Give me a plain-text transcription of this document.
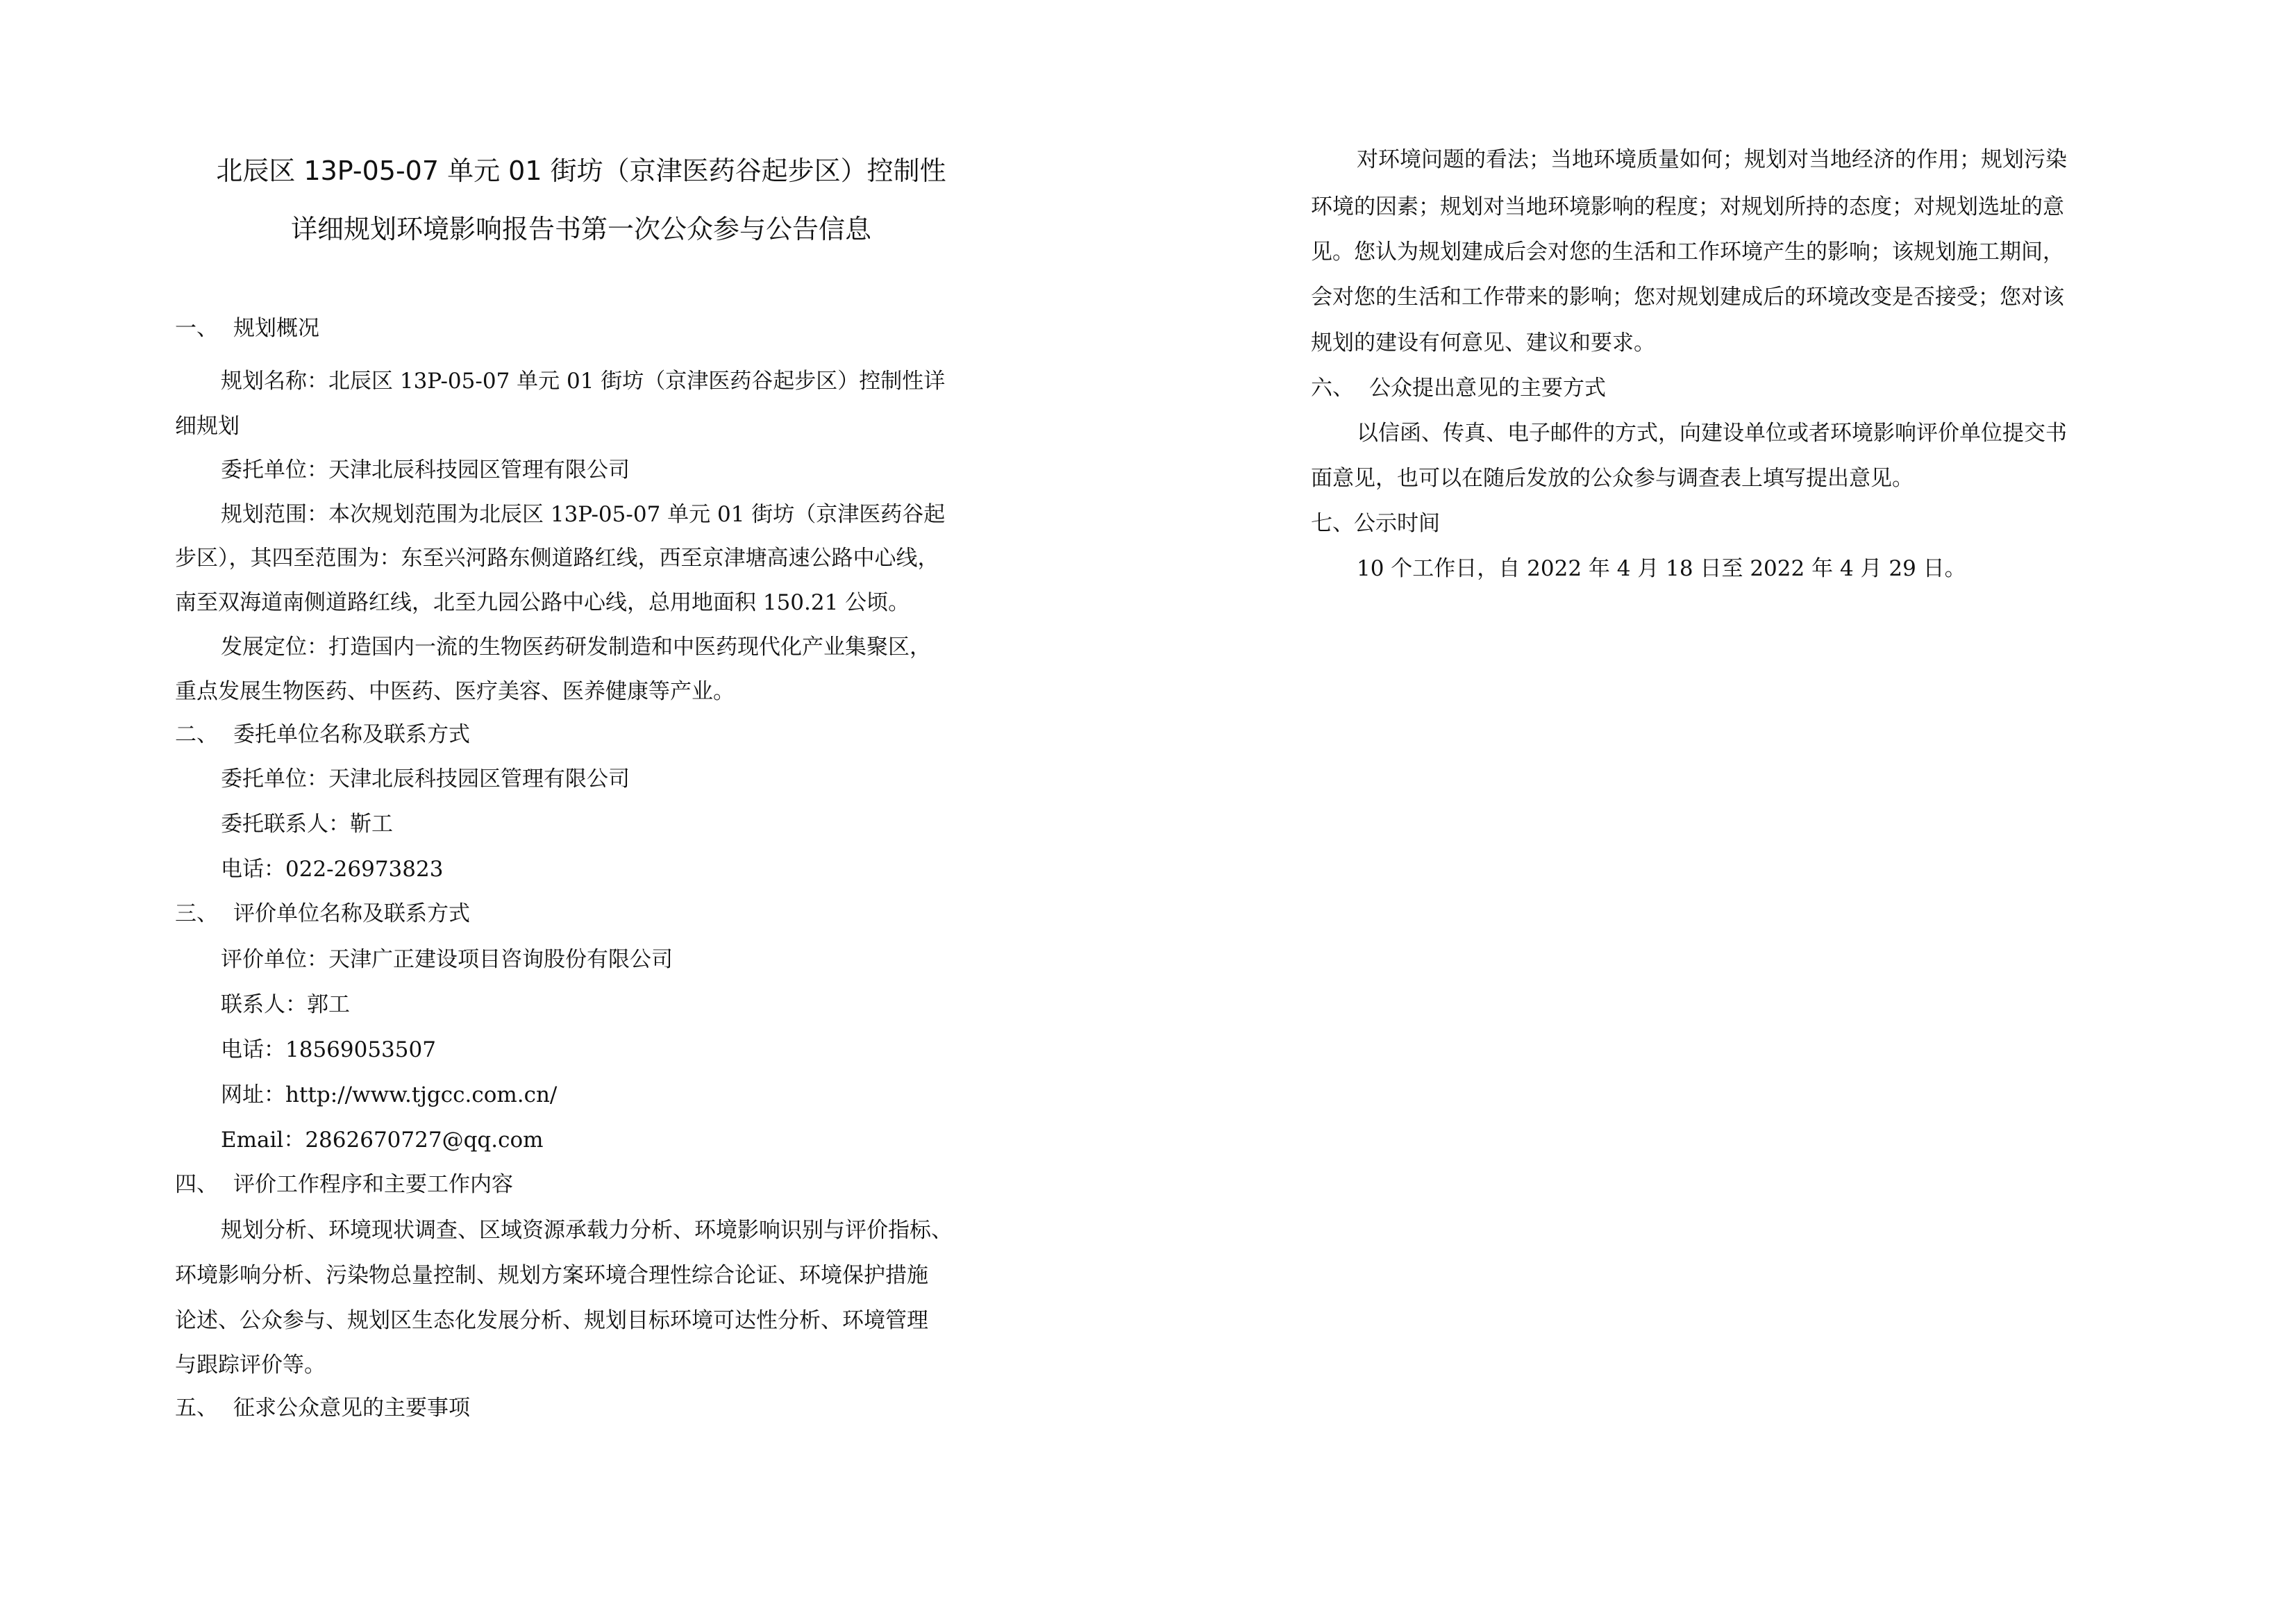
北辰区 13P-05-07 单元 01 街坊（京津医药谷起步区）控制性
详细规划环境影响报告书第一次公众参与公告信息
一、 规划概况
规划名称：北辰区 13P-05-07 单元 01 街坊（京津医药谷起步区）控制性详
细规划
委托单位：天津北辰科技园区管理有限公司
规划范围：本次规划范围为北辰区 13P-05-07 单元 01 街坊（京津医药谷起
步区），其四至范围为：东至兴河路东侧道路红线，西至京津塘高速公路中心线，
南至双海道南侧道路红线，北至九园公路中心线，总用地面积 150.21 公顷。
发展定位：打造国内一流的生物医药研发制造和中医药现代化产业集聚区，
重点发展生物医药、中医药、医疗美容、医养健康等产业。
二、 委托单位名称及联系方式
委托单位：天津北辰科技园区管理有限公司
委托联系人：靳工
电话：022-26973823
三、 评价单位名称及联系方式
评价单位：天津广正建设项目咨询股份有限公司
联系人：郭工
电话：18569053507
网址：http://www.tjgcc.com.cn/
Email：2862670727@qq.com
四、 评价工作程序和主要工作内容
规划分析、环境现状调查、区域资源承载力分析、环境影响识别与评价指标、
环境影响分析、污染物总量控制、规划方案环境合理性综合论证、环境保护措施
论述、公众参与、规划区生态化发展分析、规划目标环境可达性分析、环境管理
与跟踪评价等。
五、 征求公众意见的主要事项
对环境问题的看法；当地环境质量如何；规划对当地经济的作用；规划污染
环境的因素；规划对当地环境影响的程度；对规划所持的态度；对规划选址的意
见。您认为规划建成后会对您的生活和工作环境产生的影响；该规划施工期间，
会对您的生活和工作带来的影响；您对规划建成后的环境改变是否接受；您对该
规划的建设有何意见、建议和要求。
六、 公众提出意见的主要方式
以信函、传真、电子邮件的方式，向建设单位或者环境影响评价单位提交书
面意见，也可以在随后发放的公众参与调查表上填写提出意见。
七、公示时间
10 个工作日，自 2022 年 4 月 18 日至 2022 年 4 月 29 日。
